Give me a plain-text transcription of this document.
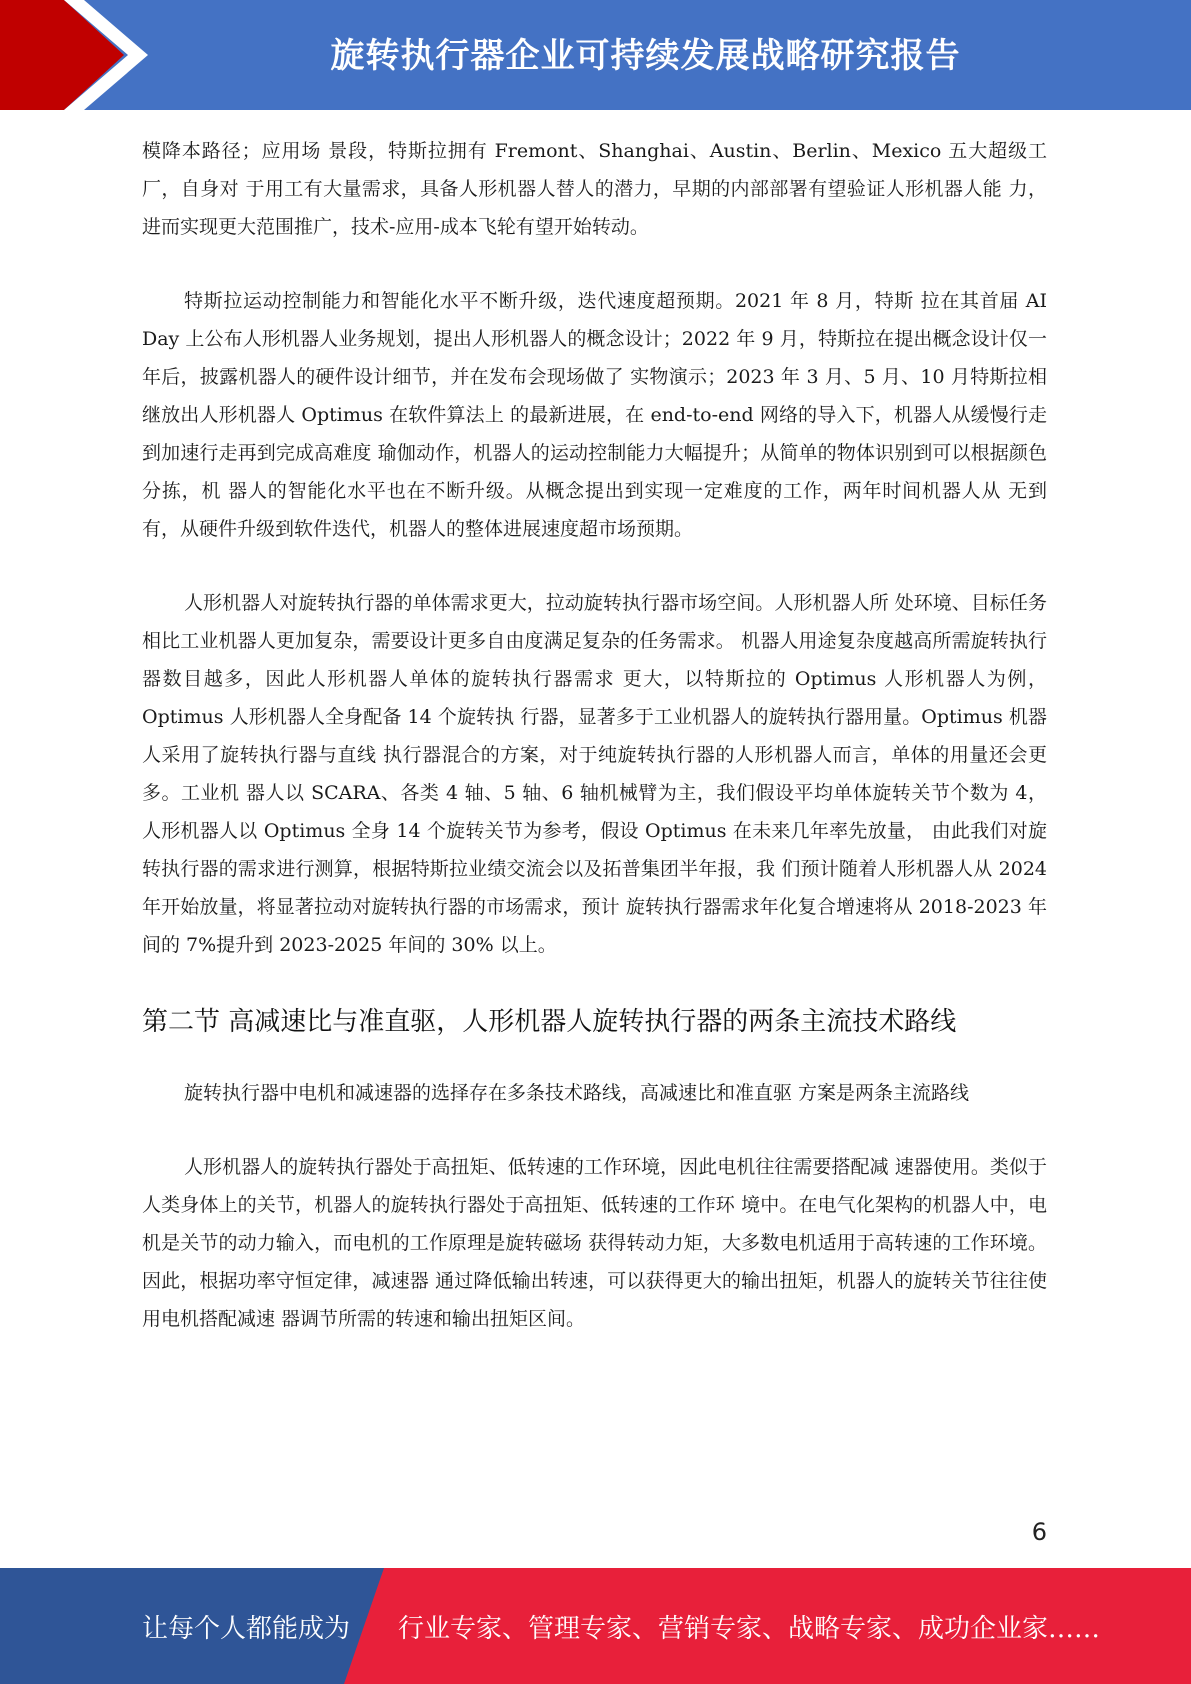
旋转执行器企业可持续发展战略研究报告

模降本路径；应用场 景段，特斯拉拥有 Fremont、Shanghai、Austin、Berlin、Mexico 五大超级工厂，自身对 于用工有大量需求，具备人形机器人替人的潜力，早期的内部部署有望验证人形机器人能 力，进而实现更大范围推广，技术-应用-成本飞轮有望开始转动。

特斯拉运动控制能力和智能化水平不断升级，迭代速度超预期。2021 年 8 月，特斯 拉在其首届 AI Day 上公布人形机器人业务规划，提出人形机器人的概念设计；2022 年 9 月，特斯拉在提出概念设计仅一年后，披露机器人的硬件设计细节，并在发布会现场做了 实物演示；2023 年 3 月、5 月、10 月特斯拉相继放出人形机器人 Optimus 在软件算法上 的最新进展，在 end-to-end 网络的导入下，机器人从缓慢行走到加速行走再到完成高难度 瑜伽动作，机器人的运动控制能力大幅提升；从简单的物体识别到可以根据颜色分拣，机 器人的智能化水平也在不断升级。从概念提出到实现一定难度的工作，两年时间机器人从 无到有，从硬件升级到软件迭代，机器人的整体进展速度超市场预期。

人形机器人对旋转执行器的单体需求更大，拉动旋转执行器市场空间。人形机器人所 处环境、目标任务相比工业机器人更加复杂，需要设计更多自由度满足复杂的任务需求。 机器人用途复杂度越高所需旋转执行器数目越多，因此人形机器人单体的旋转执行器需求 更大，以特斯拉的 Optimus 人形机器人为例，Optimus 人形机器人全身配备 14 个旋转执 行器，显著多于工业机器人的旋转执行器用量。Optimus 机器人采用了旋转执行器与直线 执行器混合的方案，对于纯旋转执行器的人形机器人而言，单体的用量还会更多。工业机 器人以 SCARA、各类 4 轴、5 轴、6 轴机械臂为主，我们假设平均单体旋转关节个数为 4， 人形机器人以 Optimus 全身 14 个旋转关节为参考，假设 Optimus 在未来几年率先放量， 由此我们对旋转执行器的需求进行测算，根据特斯拉业绩交流会以及拓普集团半年报，我 们预计随着人形机器人从 2024 年开始放量，将显著拉动对旋转执行器的市场需求，预计 旋转执行器需求年化复合增速将从 2018-2023 年间的 7%提升到 2023-2025 年间的 30% 以上。

第二节 高减速比与准直驱，人形机器人旋转执行器的两条主流技术路线

旋转执行器中电机和减速器的选择存在多条技术路线，高减速比和准直驱 方案是两条主流路线

人形机器人的旋转执行器处于高扭矩、低转速的工作环境，因此电机往往需要搭配减 速器使用。类似于人类身体上的关节，机器人的旋转执行器处于高扭矩、低转速的工作环 境中。在电气化架构的机器人中，电机是关节的动力输入，而电机的工作原理是旋转磁场 获得转动力矩，大多数电机适用于高转速的工作环境。因此，根据功率守恒定律，减速器 通过降低输出转速，可以获得更大的输出扭矩，机器人的旋转关节往往使用电机搭配减速 器调节所需的转速和输出扭矩区间。

6
让每个人都能成为 行业专家、管理专家、营销专家、战略专家、成功企业家……
